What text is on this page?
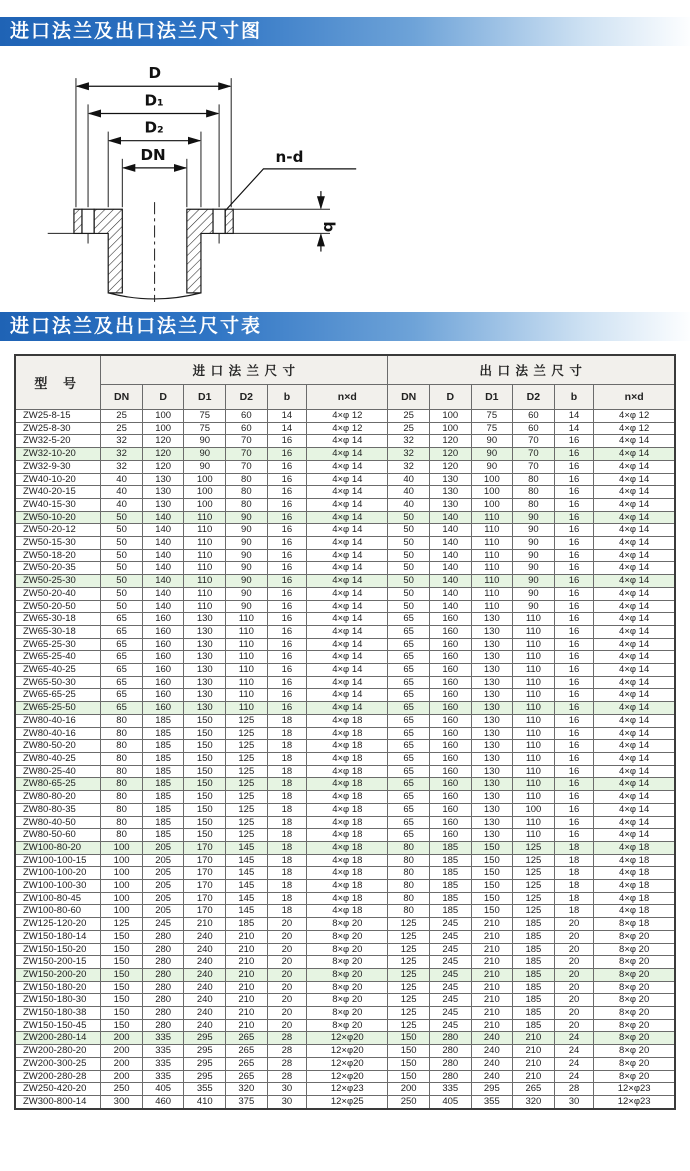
进口法兰及出口法兰尺寸图
D
D₁
D₂
DN	n-d
b
进口法兰及出口法兰尺寸表
型 号	进 口 法 兰 尺 寸						出 口 法 兰 尺 寸					
	DN	D	D1	D2	b	n×d	DN	D	D1	D2	b	n×d
ZW25-8-15	25	100	75	60	14	4×φ 12	25	100	75	60	14	4×φ 12
ZW25-8-30	25	100	75	60	14	4×φ 12	25	100	75	60	14	4×φ 12
ZW32-5-20	32	120	90	70	16	4×φ 14	32	120	90	70	16	4×φ 14
ZW32-10-20	32	120	90	70	16	4×φ 14	32	120	90	70	16	4×φ 14
ZW32-9-30	32	120	90	70	16	4×φ 14	32	120	90	70	16	4×φ 14
ZW40-10-20	40	130	100	80	16	4×φ 14	40	130	100	80	16	4×φ 14
ZW40-20-15	40	130	100	80	16	4×φ 14	40	130	100	80	16	4×φ 14
ZW40-15-30	40	130	100	80	16	4×φ 14	40	130	100	80	16	4×φ 14
ZW50-10-20	50	140	110	90	16	4×φ 14	50	140	110	90	16	4×φ 14
ZW50-20-12	50	140	110	90	16	4×φ 14	50	140	110	90	16	4×φ 14
ZW50-15-30	50	140	110	90	16	4×φ 14	50	140	110	90	16	4×φ 14
ZW50-18-20	50	140	110	90	16	4×φ 14	50	140	110	90	16	4×φ 14
ZW50-20-35	50	140	110	90	16	4×φ 14	50	140	110	90	16	4×φ 14
ZW50-25-30	50	140	110	90	16	4×φ 14	50	140	110	90	16	4×φ 14
ZW50-20-40	50	140	110	90	16	4×φ 14	50	140	110	90	16	4×φ 14
ZW50-20-50	50	140	110	90	16	4×φ 14	50	140	110	90	16	4×φ 14
ZW65-30-18	65	160	130	110	16	4×φ 14	65	160	130	110	16	4×φ 14
ZW65-30-18	65	160	130	110	16	4×φ 14	65	160	130	110	16	4×φ 14
ZW65-25-30	65	160	130	110	16	4×φ 14	65	160	130	110	16	4×φ 14
ZW65-25-40	65	160	130	110	16	4×φ 14	65	160	130	110	16	4×φ 14
ZW65-40-25	65	160	130	110	16	4×φ 14	65	160	130	110	16	4×φ 14
ZW65-50-30	65	160	130	110	16	4×φ 14	65	160	130	110	16	4×φ 14
ZW65-65-25	65	160	130	110	16	4×φ 14	65	160	130	110	16	4×φ 14
ZW65-25-50	65	160	130	110	16	4×φ 14	65	160	130	110	16	4×φ 14
ZW80-40-16	80	185	150	125	18	4×φ 18	65	160	130	110	16	4×φ 14
ZW80-40-16	80	185	150	125	18	4×φ 18	65	160	130	110	16	4×φ 14
ZW80-50-20	80	185	150	125	18	4×φ 18	65	160	130	110	16	4×φ 14
ZW80-40-25	80	185	150	125	18	4×φ 18	65	160	130	110	16	4×φ 14
ZW80-25-40	80	185	150	125	18	4×φ 18	65	160	130	110	16	4×φ 14
ZW80-65-25	80	185	150	125	18	4×φ 18	65	160	130	110	16	4×φ 14
ZW80-80-20	80	185	150	125	18	4×φ 18	65	160	130	110	16	4×φ 14
ZW80-80-35	80	185	150	125	18	4×φ 18	65	160	130	100	16	4×φ 14
ZW80-40-50	80	185	150	125	18	4×φ 18	65	160	130	110	16	4×φ 14
ZW80-50-60	80	185	150	125	18	4×φ 18	65	160	130	110	16	4×φ 14
ZW100-80-20	100	205	170	145	18	4×φ 18	80	185	150	125	18	4×φ 18
ZW100-100-15	100	205	170	145	18	4×φ 18	80	185	150	125	18	4×φ 18
ZW100-100-20	100	205	170	145	18	4×φ 18	80	185	150	125	18	4×φ 18
ZW100-100-30	100	205	170	145	18	4×φ 18	80	185	150	125	18	4×φ 18
ZW100-80-45	100	205	170	145	18	4×φ 18	80	185	150	125	18	4×φ 18
ZW100-80-60	100	205	170	145	18	4×φ 18	80	185	150	125	18	4×φ 18
ZW125-120-20	125	245	210	185	20	8×φ 20	125	245	210	185	20	8×φ 18
ZW150-180-14	150	280	240	210	20	8×φ 20	125	245	210	185	20	8×φ 20
ZW150-150-20	150	280	240	210	20	8×φ 20	125	245	210	185	20	8×φ 20
ZW150-200-15	150	280	240	210	20	8×φ 20	125	245	210	185	20	8×φ 20
ZW150-200-20	150	280	240	210	20	8×φ 20	125	245	210	185	20	8×φ 20
ZW150-180-20	150	280	240	210	20	8×φ 20	125	245	210	185	20	8×φ 20
ZW150-180-30	150	280	240	210	20	8×φ 20	125	245	210	185	20	8×φ 20
ZW150-180-38	150	280	240	210	20	8×φ 20	125	245	210	185	20	8×φ 20
ZW150-150-45	150	280	240	210	20	8×φ 20	125	245	210	185	20	8×φ 20
ZW200-280-14	200	335	295	265	28	12×φ20	150	280	240	210	24	8×φ 20
ZW200-280-20	200	335	295	265	28	12×φ20	150	280	240	210	24	8×φ 20
ZW200-300-25	200	335	295	265	28	12×φ20	150	280	240	210	24	8×φ 20
ZW200-280-28	200	335	295	265	28	12×φ20	150	280	240	210	24	8×φ 20
ZW250-420-20	250	405	355	320	30	12×φ23	200	335	295	265	28	12×φ23
ZW300-800-14	300	460	410	375	30	12×φ25	250	405	355	320	30	12×φ23
